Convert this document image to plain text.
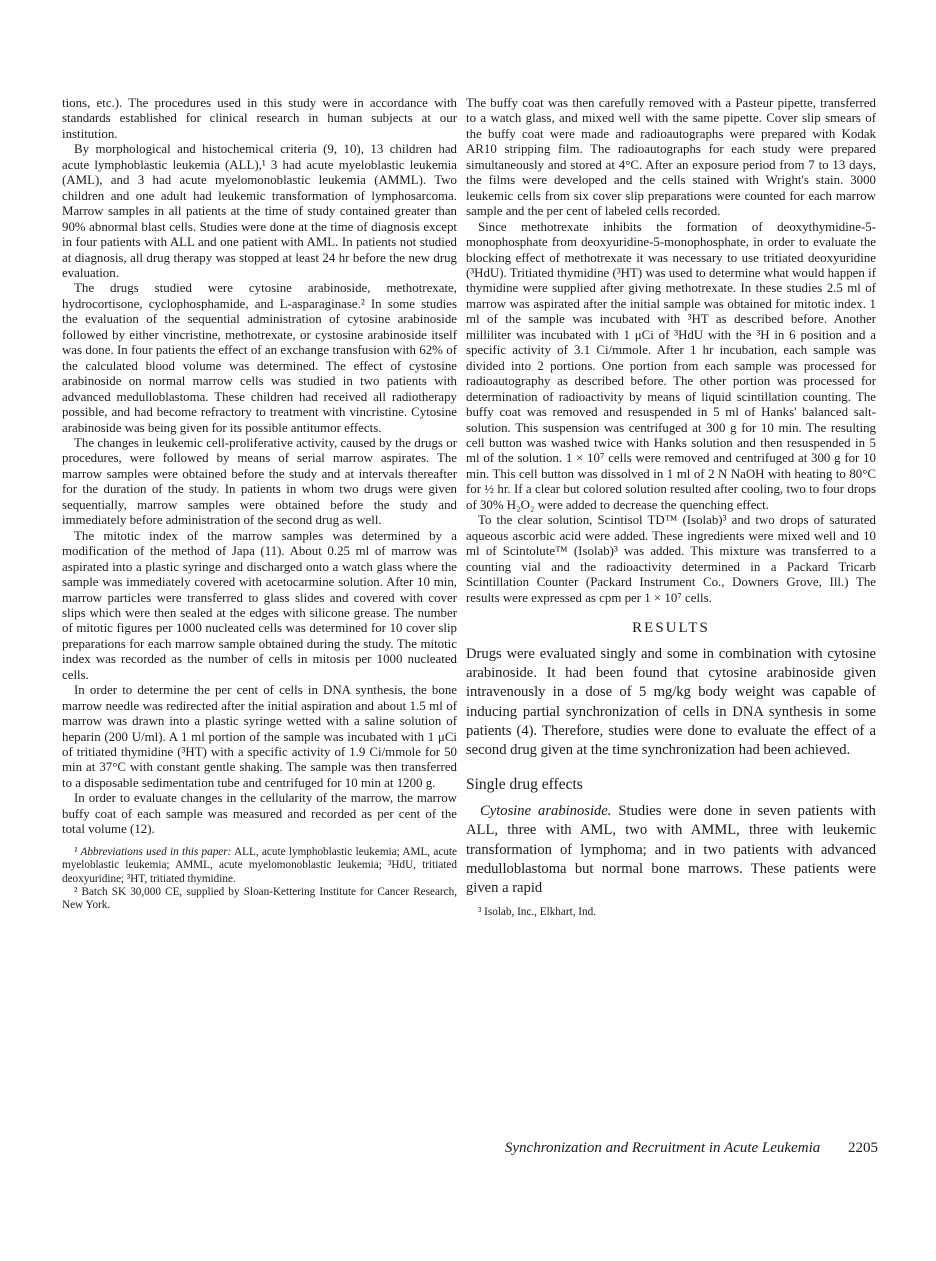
tions, etc.). The procedures used in this study were in accordance with standards established for clinical research in human subjects at our institution.

By morphological and histochemical criteria (9, 10), 13 children had acute lymphoblastic leukemia (ALL),¹ 3 had acute myeloblastic leukemia (AML), and 3 had acute myelomonoblastic leukemia (AMML). Two children and one adult had leukemic transformation of lymphosarcoma. Marrow samples in all patients at the time of study contained greater than 90% abnormal blast cells. Studies were done at the time of diagnosis except in four patients with ALL and one patient with AML. In patients not studied at diagnosis, all drug therapy was stopped at least 24 hr before the new drug evaluation.

The drugs studied were cytosine arabinoside, methotrexate, hydrocortisone, cyclophosphamide, and L-asparaginase.² In some studies the evaluation of the sequential administration of cytosine arabinoside followed by either vincristine, methotrexate, or cystosine arabinoside itself was done. In four patients the effect of an exchange transfusion with 62% of the calculated blood volume was determined. The effect of cystosine arabinoside on normal marrow cells was studied in two patients with advanced medulloblastoma. These children had received all radiotherapy possible, and had become refractory to treatment with vincristine. Cytosine arabinoside was being given for its possible antitumor effects.

The changes in leukemic cell-proliferative activity, caused by the drugs or procedures, were followed by means of serial marrow aspirates. The marrow samples were obtained before the study and at intervals thereafter for the duration of the study. In patients in whom two drugs were given sequentially, marrow samples were obtained before the study and immediately before administration of the second drug as well.

The mitotic index of the marrow samples was determined by a modification of the method of Japa (11). About 0.25 ml of marrow was aspirated into a plastic syringe and discharged onto a watch glass where the sample was immediately covered with acetocarmine solution. After 10 min, marrow particles were transferred to glass slides and covered with cover slips which were then sealed at the edges with silicone grease. The number of mitotic figures per 1000 nucleated cells was determined for 10 cover slip preparations for each marrow sample obtained during the study. The mitotic index was recorded as the number of cells in mitosis per 1000 nucleated cells.

In order to determine the per cent of cells in DNA synthesis, the bone marrow needle was redirected after the initial aspiration and about 1.5 ml of marrow was drawn into a plastic syringe wetted with a saline solution of heparin (200 U/ml). A 1 ml portion of the sample was incubated with 1 μCi of tritiated thymidine (³HT) with a specific activity of 1.9 Ci/mmole for 50 min at 37°C with constant gentle shaking. The sample was then transferred to a disposable sedimentation tube and centrifuged for 10 min at 1200 g.

In order to evaluate changes in the cellularity of the marrow, the marrow buffy coat of each sample was measured and recorded as per cent of the total volume (12).

¹ Abbreviations used in this paper: ALL, acute lymphoblastic leukemia; AML, acute myeloblastic leukemia; AMML, acute myelomonoblastic leukemia; ³HdU, tritiated deoxyuridine; ³HT, tritiated thymidine.

² Batch SK 30,000 CE, supplied by Sloan-Kettering Institute for Cancer Research, New York.

The buffy coat was then carefully removed with a Pasteur pipette, transferred to a watch glass, and mixed well with the same pipette. Cover slip smears of the buffy coat were made and radioautographs were prepared with Kodak AR10 stripping film. The radioautographs for each study were prepared simultaneously and stored at 4°C. After an exposure period from 7 to 13 days, the films were developed and the cells stained with Wright's stain. 3000 leukemic cells from six cover slip preparations were counted for each marrow sample and the per cent of labeled cells recorded.

Since methotrexate inhibits the formation of deoxythymidine-5-monophosphate from deoxyuridine-5-monophosphate, in order to evaluate the blocking effect of methotrexate it was necessary to use tritiated deoxyuridine (³HdU). Tritiated thymidine (³HT) was used to determine what would happen if thymidine were supplied after giving methotrexate. In these studies 2.5 ml of marrow was aspirated after the initial sample was obtained for mitotic index. 1 ml of the sample was incubated with ³HT as described before. Another milliliter was incubated with 1 μCi of ³HdU with the ³H in 6 position and a specific activity of 3.1 Ci/mmole. After 1 hr incubation, each sample was divided into 2 portions. One portion from each sample was processed for radioautography as described before. The other portion was processed for determination of radioactivity by means of liquid scintillation counting. The buffy coat was removed and resuspended in 5 ml of Hanks' balanced salt-solution. This suspension was centrifuged at 300 g for 10 min. The resulting cell button was washed twice with Hanks solution and then resuspended in 5 ml of the solution. 1 × 10⁷ cells were removed and centrifuged at 300 g for 10 min. This cell button was dissolved in 1 ml of 2 N NaOH with heating to 80°C for ½ hr. If a clear but colored solution resulted after cooling, two to four drops of 30% H₂O₂ were added to decrease the quenching effect.

To the clear solution, Scintisol TD™ (Isolab)³ and two drops of saturated aqueous ascorbic acid were added. These ingredients were mixed well and 10 ml of Scintolute™ (Isolab)³ was added. This mixture was transferred to a counting vial and the radioactivity determined in a Packard Tricarb Scintillation Counter (Packard Instrument Co., Downers Grove, Ill.) The results were expressed as cpm per 1 × 10⁷ cells.

RESULTS

Drugs were evaluated singly and some in combination with cytosine arabinoside. It had been found that cytosine arabinoside given intravenously in a dose of 5 mg/kg body weight was capable of inducing partial synchronization of cells in DNA synthesis in some patients (4). Therefore, studies were done to evaluate the effect of a second drug given at the time synchronization had been achieved.

Single drug effects

Cytosine arabinoside. Studies were done in seven patients with ALL, three with AML, two with AMML, three with leukemic transformation of lymphoma; and in two patients with advanced medulloblastoma but normal bone marrows. These patients were given a rapid

³ Isolab, Inc., Elkhart, Ind.

Synchronization and Recruitment in Acute Leukemia 2205
